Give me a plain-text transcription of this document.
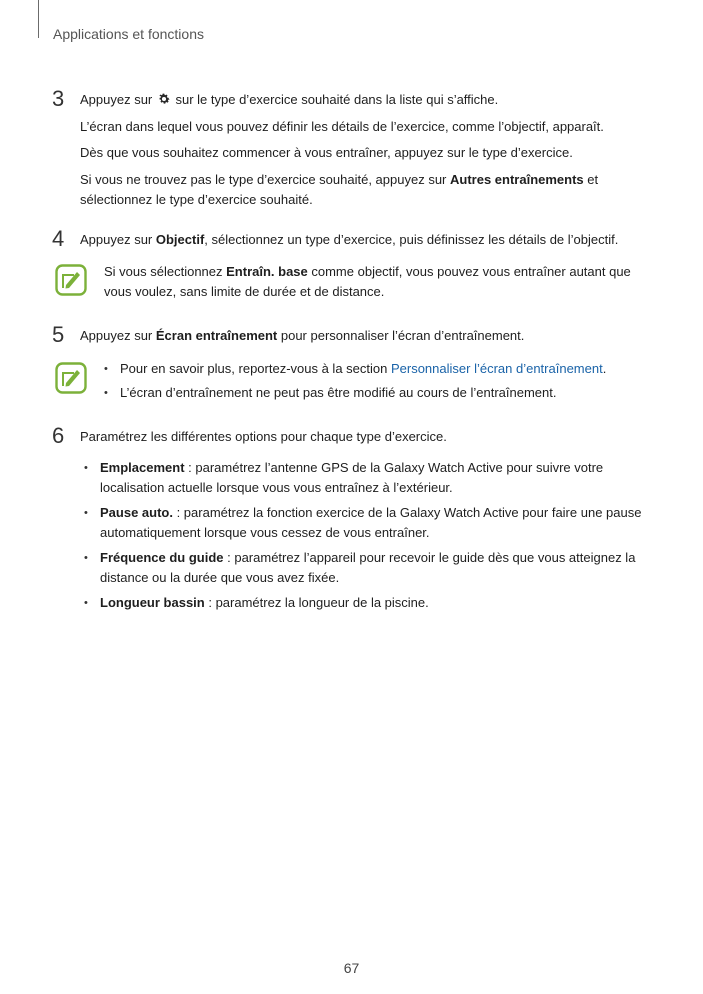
Applications et fonctions
3 Appuyez sur  sur le type d’exercice souhaité dans la liste qui s’affiche.
L’écran dans lequel vous pouvez définir les détails de l’exercice, comme l’objectif, apparaît.
Dès que vous souhaitez commencer à vous entraîner, appuyez sur le type d’exercice.
Si vous ne trouvez pas le type d’exercice souhaité, appuyez sur Autres entraînements et sélectionnez le type d’exercice souhaité.
4 Appuyez sur Objectif, sélectionnez un type d’exercice, puis définissez les détails de l’objectif.
Si vous sélectionnez Entraîn. base comme objectif, vous pouvez vous entraîner autant que vous voulez, sans limite de durée et de distance.
5 Appuyez sur Écran entraînement pour personnaliser l’écran d’entraînement.
• Pour en savoir plus, reportez-vous à la section Personnaliser l’écran d’entraînement.
• L’écran d’entraînement ne peut pas être modifié au cours de l’entraînement.
6 Paramétrez les différentes options pour chaque type d’exercice.
• Emplacement : paramétrez l’antenne GPS de la Galaxy Watch Active pour suivre votre localisation actuelle lorsque vous vous entraînez à l’extérieur.
• Pause auto. : paramétrez la fonction exercice de la Galaxy Watch Active pour faire une pause automatiquement lorsque vous cessez de vous entraîner.
• Fréquence du guide : paramétrez l’appareil pour recevoir le guide dès que vous atteignez la distance ou la durée que vous avez fixée.
• Longueur bassin : paramétrez la longueur de la piscine.
67
